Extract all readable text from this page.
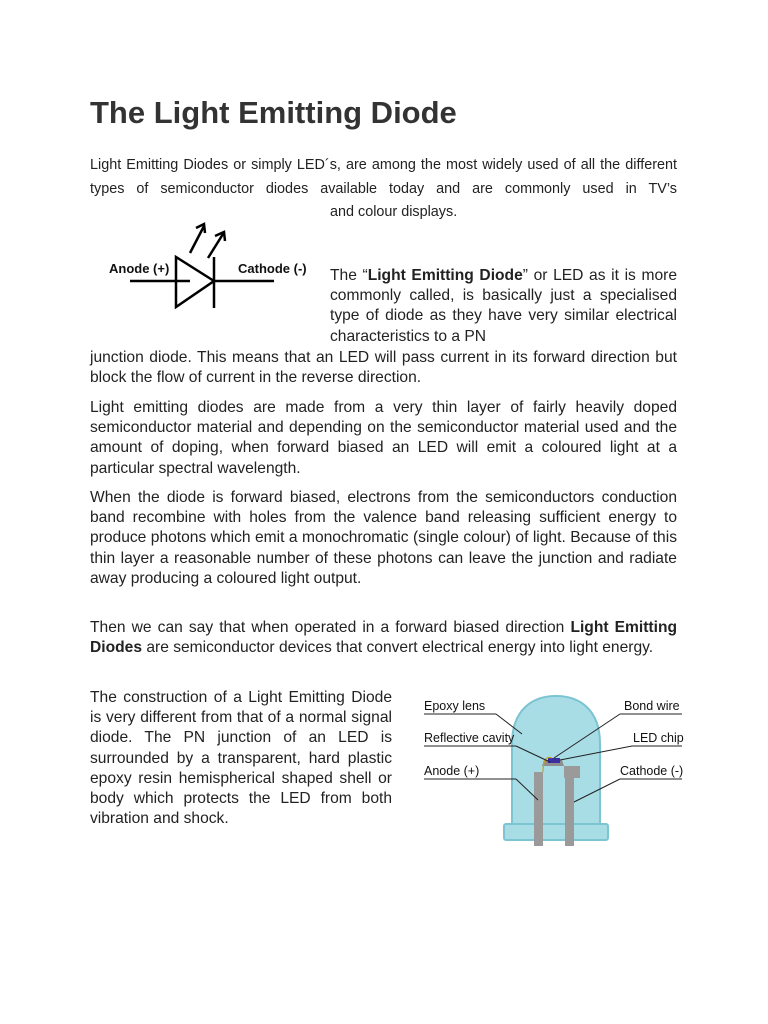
The Light Emitting Diode

Light Emitting Diodes or simply LED´s, are among the most widely used of all the different types of semiconductor diodes available today and are commonly used in TV’s

and colour displays.
Anode (+)	Cathode (-) The “Light Emitting Diode” or LED as it is more commonly called, is basically just a specialised type of diode as they have very similar electrical characteristics to a PN

junction diode. This means that an LED will pass current in its forward direction but block the flow of current in the reverse direction.

Light emitting diodes are made from a very thin layer of fairly heavily doped semiconductor material and depending on the semiconductor material used and the amount of doping, when forward biased an LED will emit a coloured light at a particular spectral wavelength.

When the diode is forward biased, electrons from the semiconductors conduction band recombine with holes from the valence band releasing sufficient energy to produce photons which emit a monochromatic (single colour) of light. Because of this thin layer a reasonable number of these photons can leave the junction and radiate away producing a coloured light output.

Then we can say that when operated in a forward biased direction Light Emitting Diodes are semiconductor devices that convert electrical energy into light energy.

The construction of a Light Emitting Diode is very different from that of a normal signal diode. The PN junction of an LED is surrounded by a transparent, hard plastic epoxy resin hemispherical shaped shell or body which protects the LED from both vibration and shock.

Epoxy lens
Reflective cavity
Anode (+)
Bond wire
LED chip
Cathode (-)
